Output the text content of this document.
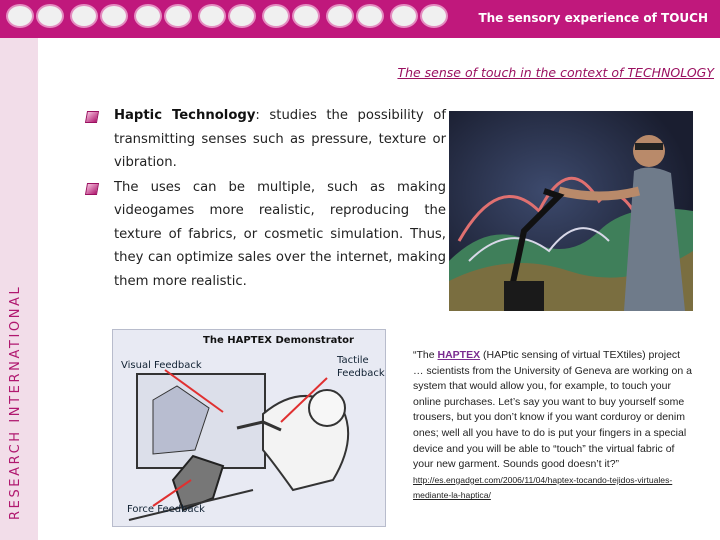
The sensory experience of TOUCH
RESEARCH INTERNATIONAL
The sense of touch in the context of TECHNOLOGY
Haptic Technology: studies the possibility of transmitting senses such as pressure, texture or vibration.
The uses can be multiple, such as making videogames more realistic, reproducing the texture of fabrics, or cosmetic simulation. Thus, they can optimize sales over the internet, making them more realistic.
The HAPTEX Demonstrator
Visual Feedback	Tactile
Feedback
Force Feedback
“The HAPTEX (HAPtic sensing of virtual TEXtiles) project … scientists from the University of Geneva are working on a system that would allow you, for example, to touch your online purchases. Let’s say you want to buy yourself some trousers, but you don’t know if you want corduroy or denim ones; well all you have to do is put your fingers in a special device and you will be able to “touch” the virtual fabric of your new garment. Sounds good doesn’t it?” http://es.engadget.com/2006/11/04/haptex-tocando-tejidos-virtuales-mediante-la-haptica/
